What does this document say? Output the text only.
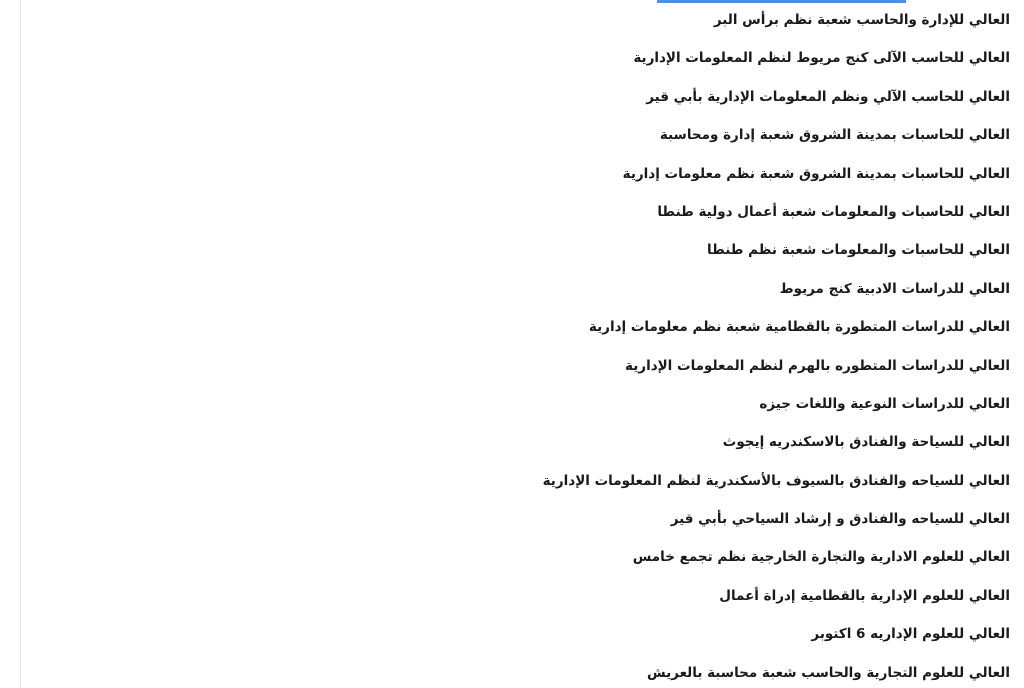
العالي للإدارة والحاسب شعبة نظم برأس البر
العالي للحاسب الآلى كنج مريوط لنظم المعلومات الإدارية
العالي للحاسب الآلي ونظم المعلومات الإدارية بأبي قير
العالي للحاسبات بمدينة الشروق شعبة إدارة ومحاسبة
العالي للحاسبات بمدينة الشروق شعبة نظم معلومات إدارية
العالي للحاسبات والمعلومات شعبة أعمال دولية طنطا
العالي للحاسبات والمعلومات شعبة نظم طنطا
العالي للدراسات الادبية كنج مريوط
العالي للدراسات المتطورة بالقطامية شعبة نظم معلومات إدارية
العالي للدراسات المتطوره بالهرم لنظم المعلومات الإدارية
العالي للدراسات النوعية واللغات جيزه
العالي للسياحة والفنادق بالاسكندريه إيجوث
العالي للسياحه والفنادق بالسيوف بالأسكندرية لنظم المعلومات الإدارية
العالي للسياحه والفنادق و إرشاد السياحي بأبي قير
العالي للعلوم الادارية والتجارة الخارجية نظم تجمع خامس
العالي للعلوم الإدارية بالقطامية إدراة أعمال
العالي للعلوم الإداريه 6 اكتوبر
العالي للعلوم التجارية والحاسب شعبة محاسبة بالعريش
